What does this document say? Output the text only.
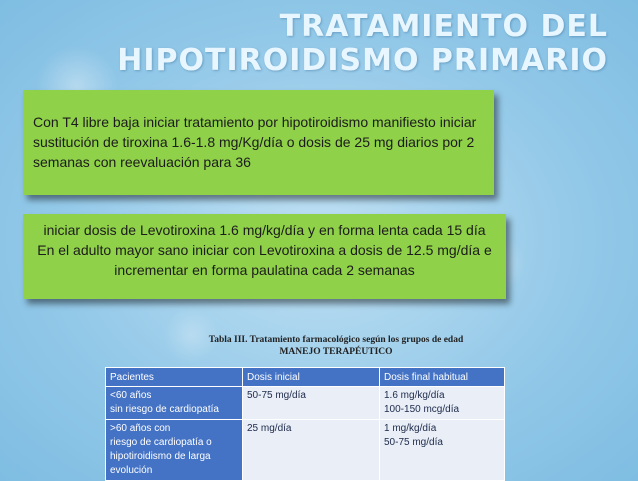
TRATAMIENTO DEL
HIPOTIROIDISMO PRIMARIO

Con T4 libre baja iniciar tratamiento por hipotiroidismo manifiesto iniciar sustitución de tiroxina 1.6-1.8 mg/Kg/día o dosis de 25 mg diarios por 2 semanas con reevaluación para 36

iniciar dosis de Levotiroxina 1.6 mg/kg/día y en forma lenta cada 15 día

En el adulto mayor sano iniciar con Levotiroxina a dosis de 12.5 mg/día e incrementar en forma paulatina cada 2 semanas

Tabla III. Tratamiento farmacológico según los grupos de edad
MANEJO TERAPÉUTICO
Pacientes	Dosis inicial	Dosis final habitual

<60 años
sin riesgo de cardiopatía	50-75 mg/día	1.6 mg/kg/día
100-150 mcg/día

>60 años con
riesgo de cardiopatía o
hipotiroidismo de larga
evolución	25 mg/día	1 mg/kg/día
50-75 mg/día
